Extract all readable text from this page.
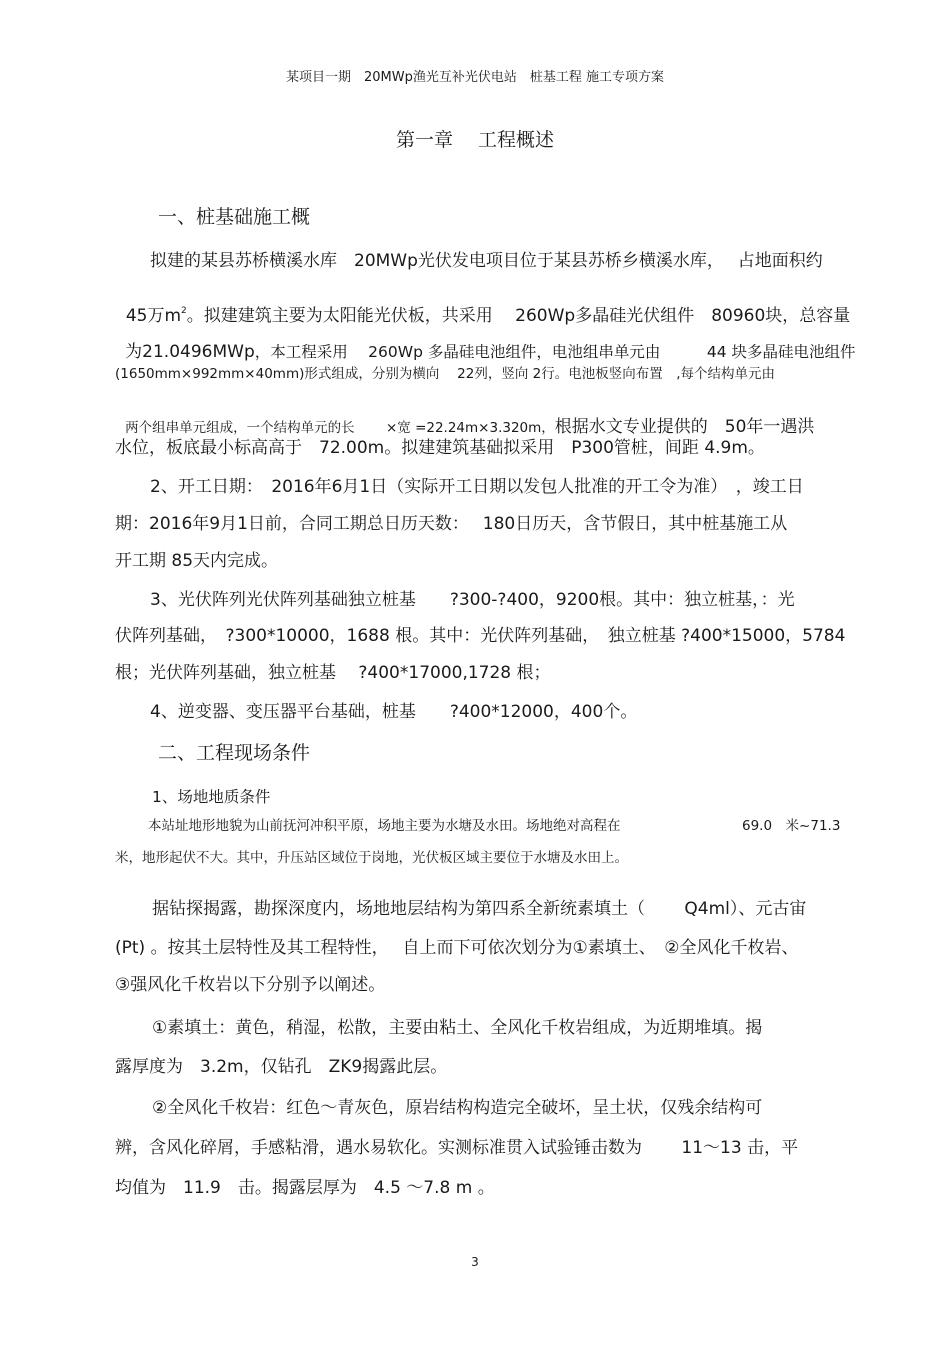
某项目一期　20MWp渔光互补光伏电站　桩基工程 施工专项方案
第一章　 工程概述
一、桩基础施工概
拟建的某县苏桥横溪水库　20MWp光伏发电项目位于某县苏桥乡横溪水库，　 占地面积约

45万$m^2$。拟建建筑主要为太阳能光伏板，共采用　 260Wp多晶硅光伏组件　80960块，总容量

为21.0496MWp，本工程采用　 260Wp 多晶硅电池组件，电池组串单元由　　　44 块多晶硅电池组件

(1650mm×992mm×40mm)形式组成，分别为横向　 22列，竖向 2行。电池板竖向布置　,每个结构单元由

两个组串单元组成，一个结构单元的长　　 ×宽 =22.24m×3.320m，根据水文专业提供的　50年一遇洪

水位，板底最小标高高于　72.00m。拟建建筑基础拟采用　P300管桩，间距 4.9m。
2、开工日期：　2016年6月1日（实际开工日期以发包人批准的开工令为准）　，竣工日
期：2016年9月1日前，合同工期总日历天数：　 180日历天，含节假日，其中桩基施工从
开工期 85天内完成。
3、光伏阵列光伏阵列基础独立桩基　　?300-?400，9200根。其中：独立桩基，：光
伏阵列基础，　?300*10000，1688 根。其中：光伏阵列基础，　独立桩基 ?400*15000，5784
根；光伏阵列基础，独立桩基　 ?400*17000,1728 根；
4、逆变器、变压器平台基础，桩基　　?400*12000，400个。
二、工程现场条件
1、场地地质条件
本站址地形地貌为山前抚河冲积平原，场地主要为水塘及水田。场地绝对高程在	69.0　米~71.3
米，地形起伏不大。其中，升压站区域位于岗地，光伏板区域主要位于水塘及水田上。
据钻探揭露，勘探深度内，场地地层结构为第四系全新统素填土（　　 Q4ml）、元古宙
(Pt) 。按其土层特性及其工程特性，　 自上而下可依次划分为①素填土、　②全风化千枚岩、
③强风化千枚岩以下分别予以阐述。
①素填土：黄色，稍湿，松散，主要由粘土、全风化千枚岩组成，为近期堆填。揭
露厚度为　3.2m，仅钻孔　ZK9揭露此层。
②全风化千枚岩：红色～青灰色，原岩结构构造完全破坏，呈土状，仅残余结构可
辨，含风化碎屑，手感粘滑，遇水易软化。实测标准贯入试验锤击数为　　 11～13 击，平
均值为　11.9　击。揭露层厚为　4.5 ～7.8 m 。
3
